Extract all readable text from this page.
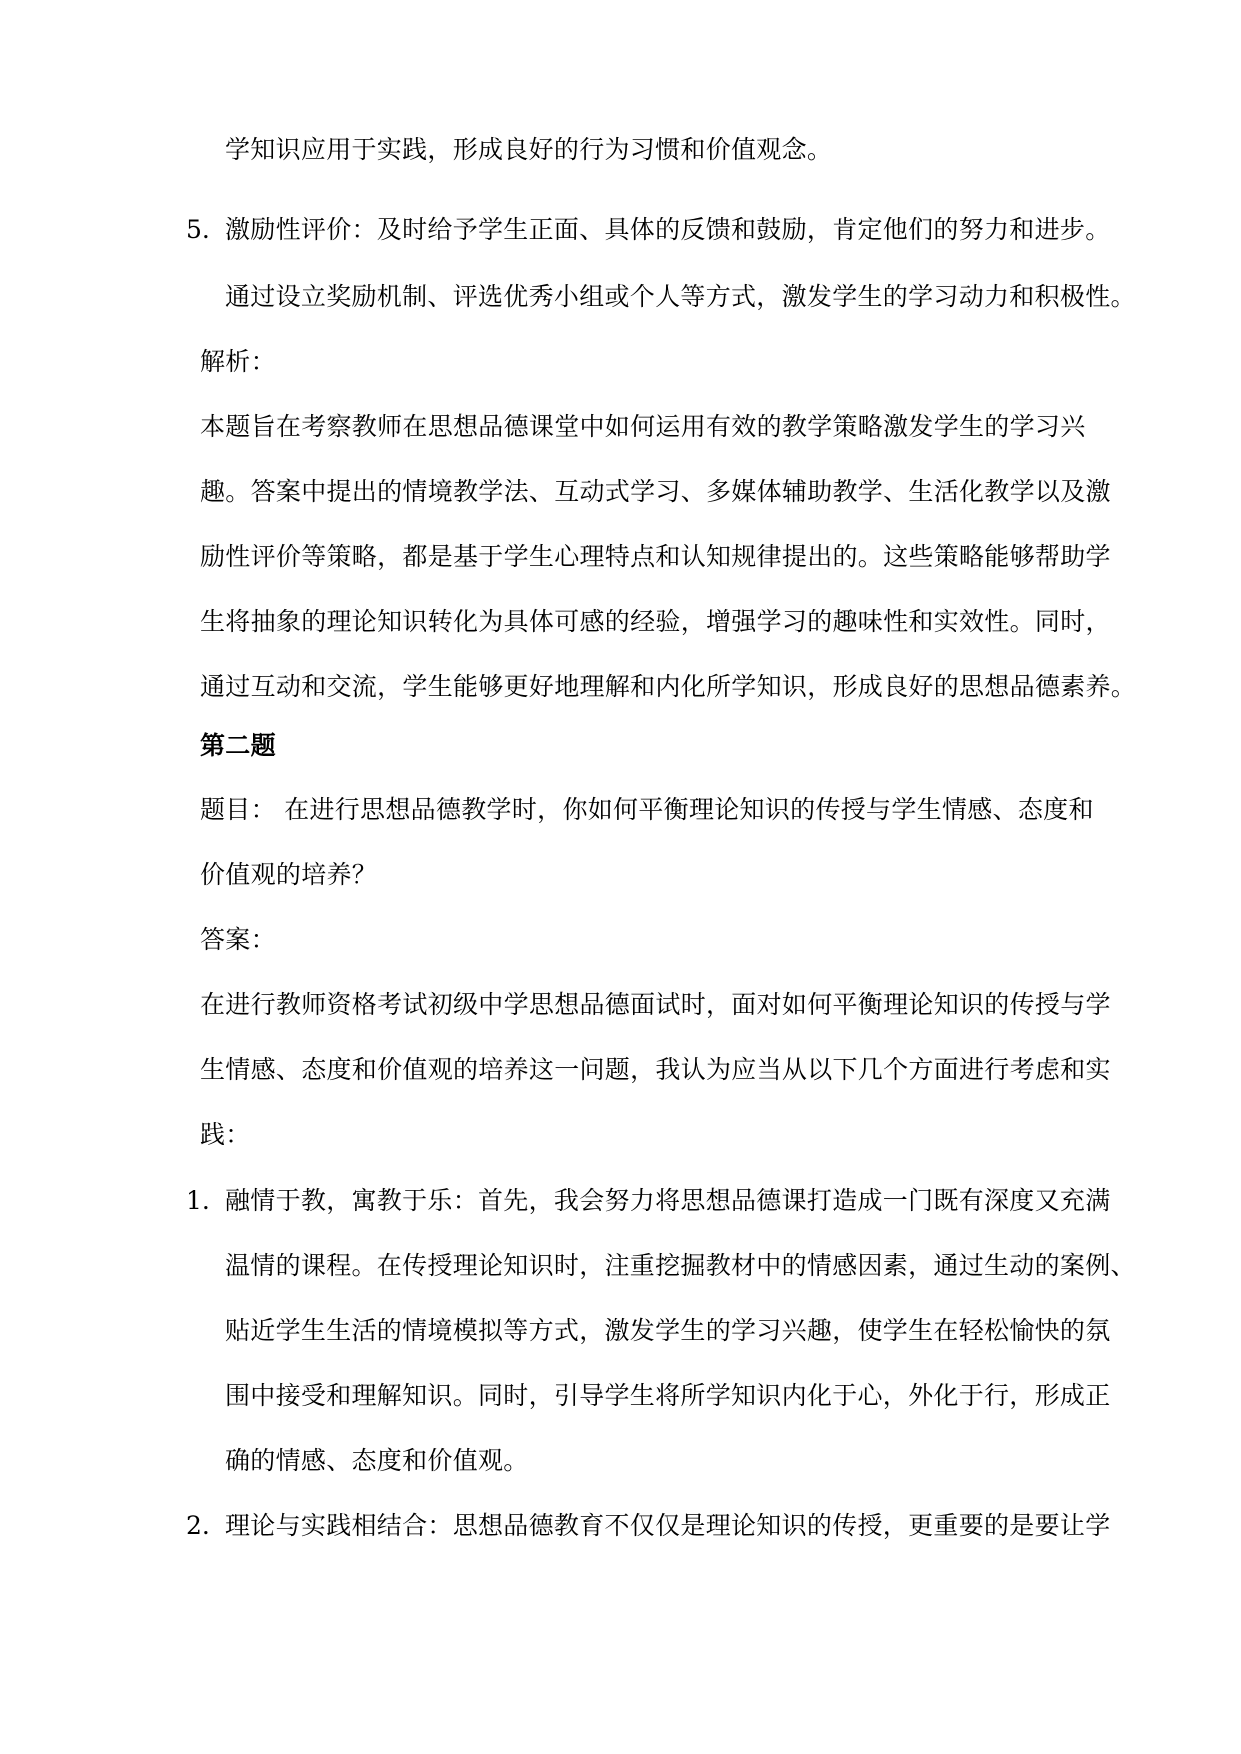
学知识应用于实践，形成良好的行为习惯和价值观念。
5. 激励性评价：及时给予学生正面、具体的反馈和鼓励，肯定他们的努力和进步。
通过设立奖励机制、评选优秀小组或个人等方式，激发学生的学习动力和积极性。
解析：
本题旨在考察教师在思想品德课堂中如何运用有效的教学策略激发学生的学习兴
趣。答案中提出的情境教学法、互动式学习、多媒体辅助教学、生活化教学以及激
励性评价等策略，都是基于学生心理特点和认知规律提出的。这些策略能够帮助学
生将抽象的理论知识转化为具体可感的经验，增强学习的趣味性和实效性。同时，
通过互动和交流，学生能够更好地理解和内化所学知识，形成良好的思想品德素养。
第二题
题目： 在进行思想品德教学时，你如何平衡理论知识的传授与学生情感、态度和
价值观的培养？
答案：
在进行教师资格考试初级中学思想品德面试时，面对如何平衡理论知识的传授与学
生情感、态度和价值观的培养这一问题，我认为应当从以下几个方面进行考虑和实
践：
1. 融情于教，寓教于乐：首先，我会努力将思想品德课打造成一门既有深度又充满
温情的课程。在传授理论知识时，注重挖掘教材中的情感因素，通过生动的案例、
贴近学生生活的情境模拟等方式，激发学生的学习兴趣，使学生在轻松愉快的氛
围中接受和理解知识。同时，引导学生将所学知识内化于心，外化于行，形成正
确的情感、态度和价值观。
2. 理论与实践相结合：思想品德教育不仅仅是理论知识的传授，更重要的是要让学
